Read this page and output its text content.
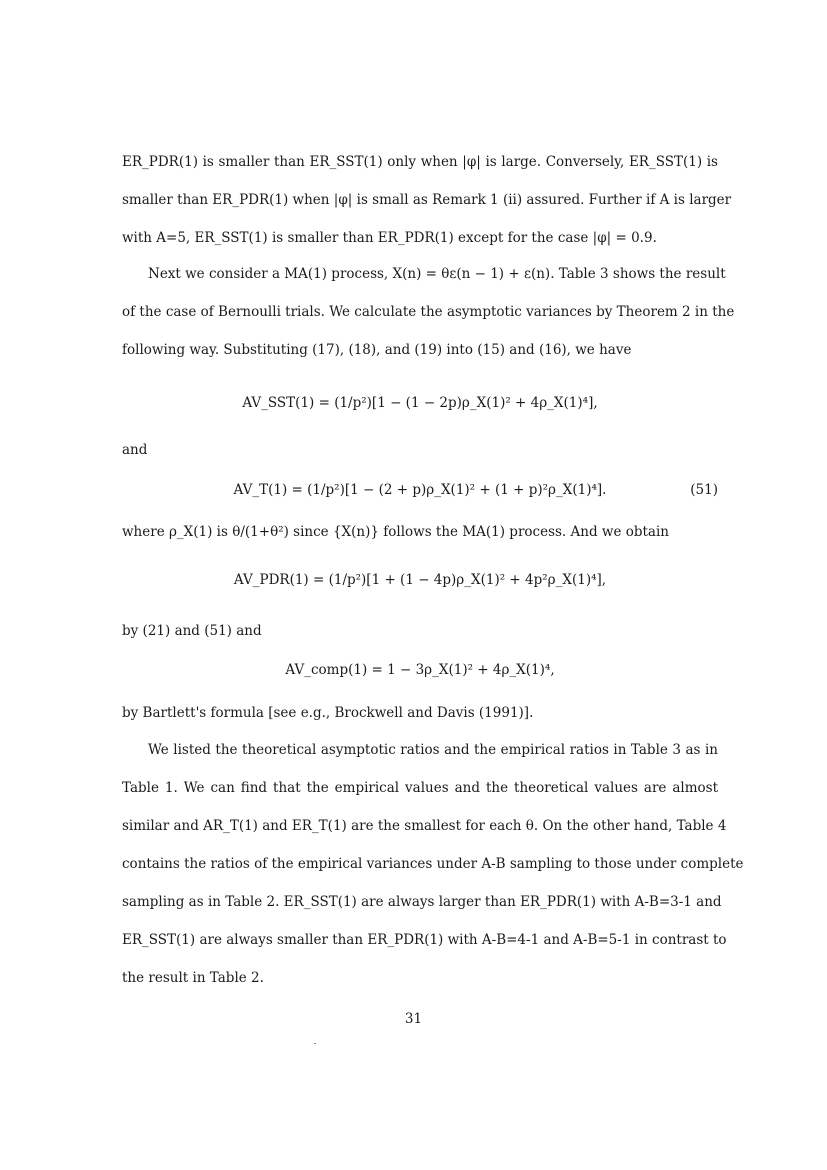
ER_PDR(1) is smaller than ER_SST(1) only when |φ| is large. Conversely, ER_SST(1) is
smaller than ER_PDR(1) when |φ| is small as Remark 1 (ii) assured. Further if A is larger
with A=5, ER_SST(1) is smaller than ER_PDR(1) except for the case |φ| = 0.9.
Next we consider a MA(1) process, X(n) = θε(n − 1) + ε(n). Table 3 shows the result
of the case of Bernoulli trials. We calculate the asymptotic variances by Theorem 2 in the
following way. Substituting (17), (18), and (19) into (15) and (16), we have
AV_SST(1) = (1/p²)[1 − (1 − 2p)ρ_X(1)² + 4ρ_X(1)⁴],
and
AV_T(1) = (1/p²)[1 − (2 + p)ρ_X(1)² + (1 + p)²ρ_X(1)⁴].	(51)
where ρ_X(1) is θ/(1+θ²) since {X(n)} follows the MA(1) process. And we obtain
AV_PDR(1) = (1/p²)[1 + (1 − 4p)ρ_X(1)² + 4p²ρ_X(1)⁴],
by (21) and (51) and
AV_comp(1) = 1 − 3ρ_X(1)² + 4ρ_X(1)⁴,
by Bartlett's formula [see e.g., Brockwell and Davis (1991)].
We listed the theoretical asymptotic ratios and the empirical ratios in Table 3 as in
Table 1. We can find that the empirical values and the theoretical values are almost
similar and AR_T(1) and ER_T(1) are the smallest for each θ. On the other hand, Table 4
contains the ratios of the empirical variances under A-B sampling to those under complete
sampling as in Table 2. ER_SST(1) are always larger than ER_PDR(1) with A-B=3-1 and
ER_SST(1) are always smaller than ER_PDR(1) with A-B=4-1 and A-B=5-1 in contrast to
the result in Table 2.
31
